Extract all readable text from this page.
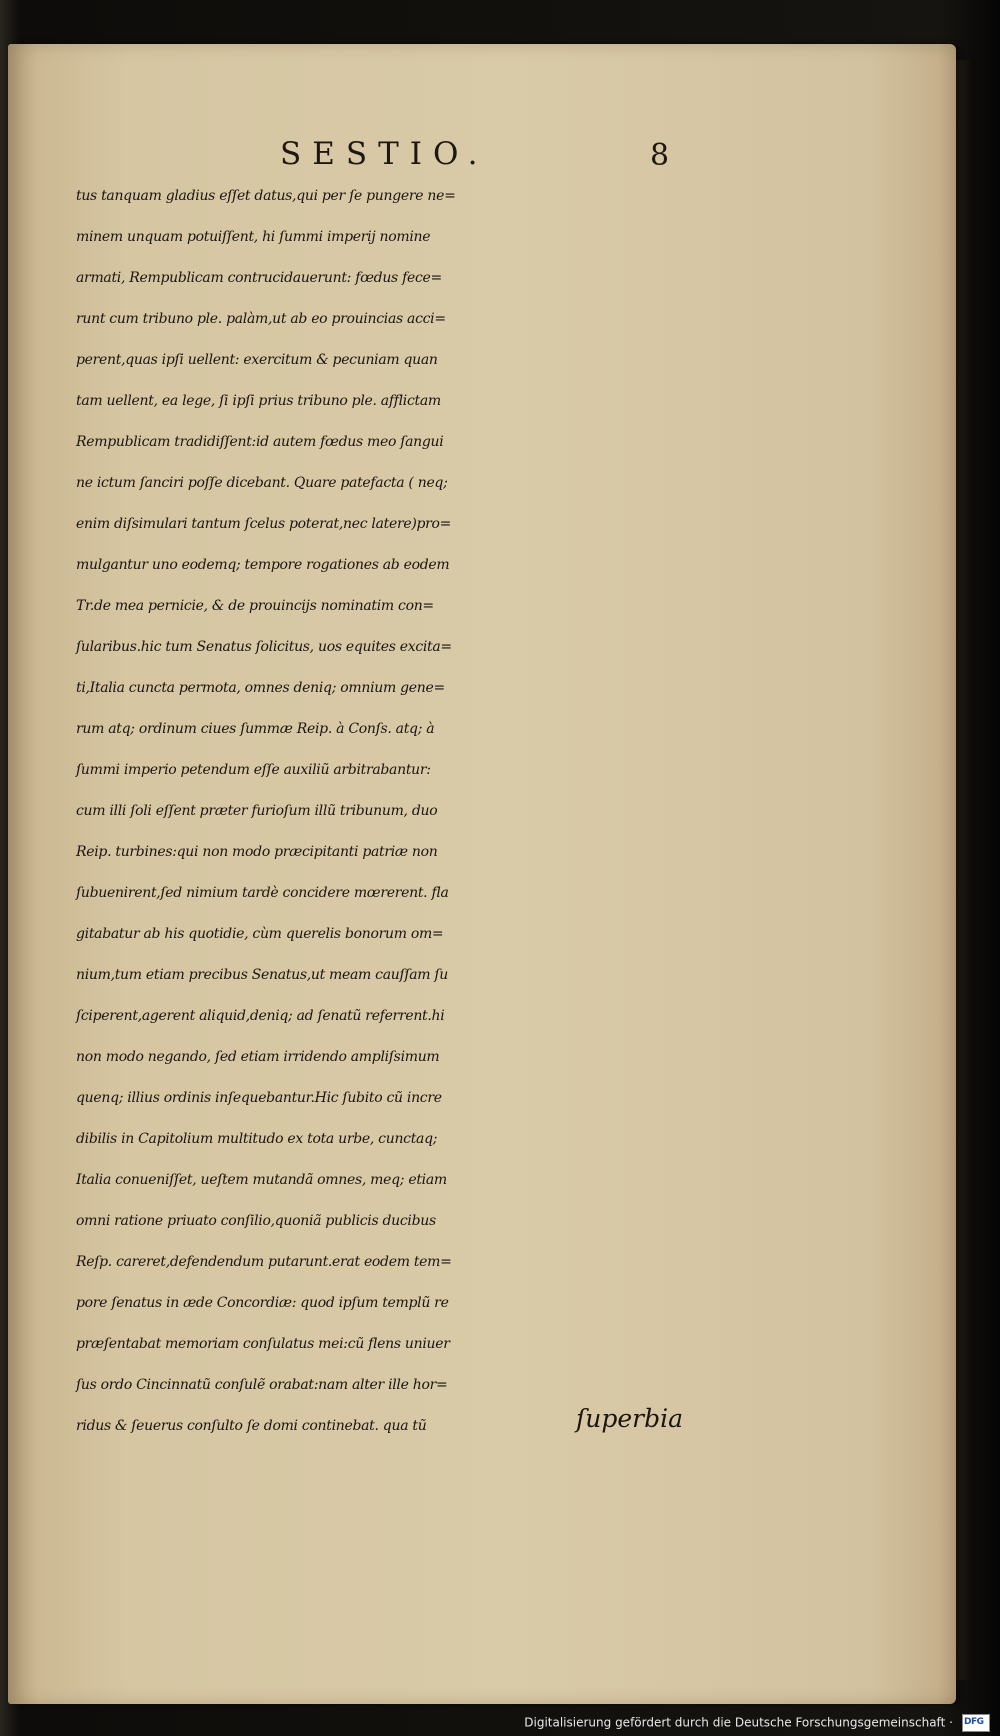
SESTIO.	8
tus tanquam gladius eſſet datus,qui per ſe pungere ne=
minem unquam potuiſſent, hi ſummi imperij nomine
armati, Rempublicam contrucidauerunt: fœdus fece=
runt cum tribuno ple. palàm,ut ab eo prouincias acci=
perent,quas ipſi uellent: exercitum & pecuniam quan
tam uellent, ea lege, ſi ipſi prius tribuno ple. afflictam
Rempublicam tradidiſſent:id autem fœdus meo ſangui
ne ictum ſanciri poſſe dicebant. Quare patefacta ( neq;
enim diſsimulari tantum ſcelus poterat,nec latere)pro=
mulgantur uno eodemq; tempore rogationes ab eodem
Tr.de mea pernicie, & de prouincijs nominatim con=
ſularibus.hic tum Senatus ſolicitus, uos equites excita=
ti,Italia cuncta permota, omnes deniq; omnium gene=
rum atq; ordinum ciues ſummæ Reip. à Conſs. atq; à
ſummi imperio petendum eſſe auxiliũ arbitrabantur:
cum illi ſoli eſſent præter furioſum illũ tribunum, duo
Reip. turbines:qui non modo præcipitanti patriæ non
ſubuenirent,ſed nimium tardè concidere mœrerent. fla
gitabatur ab his quotidie, cùm querelis bonorum om=
nium,tum etiam precibus Senatus,ut meam cauſſam ſu
ſciperent,agerent aliquid,deniq; ad ſenatũ referrent.hi
non modo negando, ſed etiam irridendo ampliſsimum
quenq; illius ordinis inſequebantur.Hic ſubito cũ incre
dibilis in Capitolium multitudo ex tota urbe, cunctaq;
Italia conueniſſet, ueſtem mutandã omnes, meq; etiam
omni ratione priuato conſilio,quoniã publicis ducibus
Reſp. careret,defendendum putarunt.erat eodem tem=
pore ſenatus in æde Concordiæ: quod ipſum templũ re
præſentabat memoriam conſulatus mei:cũ flens uniuer
ſus ordo Cincinnatũ conſulẽ orabat:nam alter ille hor=
ridus & ſeuerus conſulto ſe domi continebat. qua tũ	ſuperbia
Digitalisierung gefördert durch die Deutsche Forschungsgemeinschaft · DFG
